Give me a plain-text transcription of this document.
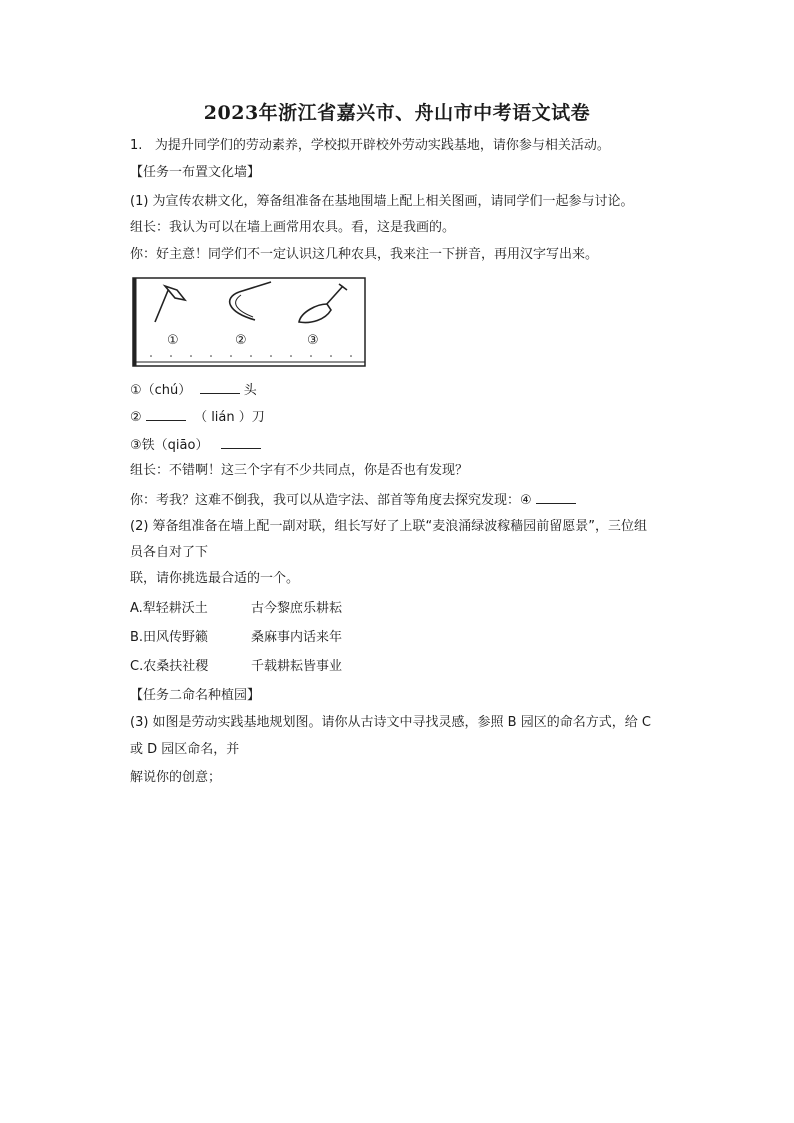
2023年浙江省嘉兴市、舟山市中考语文试卷
1. 为提升同学们的劳动素养，学校拟开辟校外劳动实践基地，请你参与相关活动。
【任务一布置文化墙】
(1) 为宣传农耕文化，筹备组准备在基地围墙上配上相关图画，请同学们一起参与讨论。
组长：我认为可以在墙上画常用农具。看，这是我画的。
你：好主意！同学们不一定认识这几种农具，我来注一下拼音，再用汉字写出来。
①	②	③
①（chú）	头
②	（ lián ）刀
③铁（qiāo）
组长：不错啊！这三个字有不少共同点，你是否也有发现？
你：考我？这难不倒我，我可以从造字法、部首等角度去探究发现：④
(2) 筹备组准备在墙上配一副对联，组长写好了上联“麦浪涌绿波稼穑园前留愿景”，三位组
员各自对了下
联，请你挑选最合适的一个。
A.犁轻耕沃土	古今黎庶乐耕耘
B.田风传野籁	桑麻事内话来年
C.农桑扶社稷	千载耕耘皆事业
【任务二命名种植园】
(3) 如图是劳动实践基地规划图。请你从古诗文中寻找灵感，参照 B 园区的命名方式，给 C
或 D 园区命名，并
解说你的创意；
